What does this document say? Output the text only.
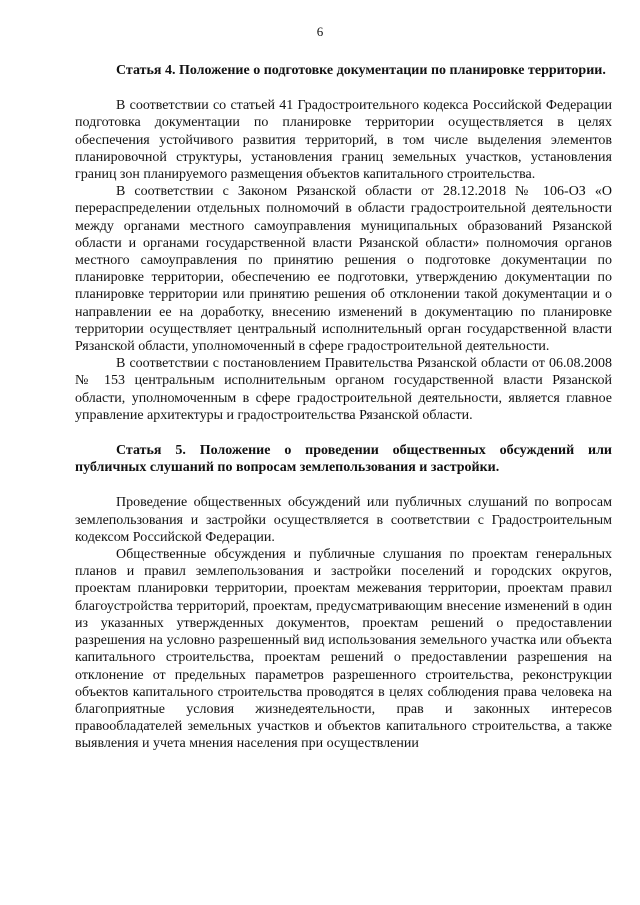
6

Статья 4. Положение о подготовке документации по планировке территории.

В соответствии со статьей 41 Градостроительного кодекса Российской Федерации подготовка документации по планировке территории осуществляется в целях обеспечения устойчивого развития территорий, в том числе выделения элементов планировочной структуры, установления границ земельных участков, установления границ зон планируемого размещения объектов капитального строительства.

В соответствии с Законом Рязанской области от 28.12.2018 № 106-ОЗ «О перераспределении отдельных полномочий в области градостроительной деятельности между органами местного самоуправления муниципальных образований Рязанской области и органами государственной власти Рязанской области» полномочия органов местного самоуправления по принятию решения о подготовке документации по планировке территории, обеспечению ее подготовки, утверждению документации по планировке территории или принятию решения об отклонении такой документации и о направлении ее на доработку, внесению изменений в документацию по планировке территории осуществляет центральный исполнительный орган государственной власти Рязанской области, уполномоченный в сфере градостроительной деятельности.

В соответствии с постановлением Правительства Рязанской области от 06.08.2008 № 153 центральным исполнительным органом государственной власти Рязанской области, уполномоченным в сфере градостроительной деятельности, является главное управление архитектуры и градостроительства Рязанской области.

Статья 5. Положение о проведении общественных обсуждений или публичных слушаний по вопросам землепользования и застройки.

Проведение общественных обсуждений или публичных слушаний по вопросам землепользования и застройки осуществляется в соответствии с Градостроительным кодексом Российской Федерации.

Общественные обсуждения и публичные слушания по проектам генеральных планов и правил землепользования и застройки поселений и городских округов, проектам планировки территории, проектам межевания территории, проектам правил благоустройства территорий, проектам, предусматривающим внесение изменений в один из указанных утвержденных документов, проектам решений о предоставлении разрешения на условно разрешенный вид использования земельного участка или объекта капитального строительства, проектам решений о предоставлении разрешения на отклонение от предельных параметров разрешенного строительства, реконструкции объектов капитального строительства проводятся в целях соблюдения права человека на благоприятные условия жизнедеятельности, прав и законных интересов правообладателей земельных участков и объектов капитального строительства, а также выявления и учета мнения населения при осуществлении
